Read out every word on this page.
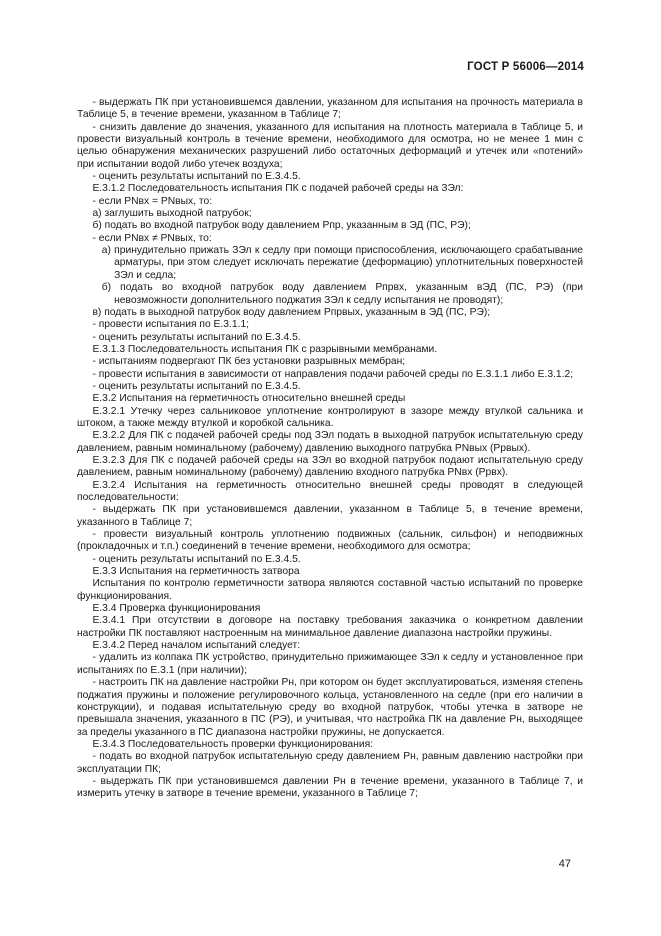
ГОСТ Р 56006—2014

- выдержать ПК при установившемся давлении, указанном для испытания на прочность материала в Таблице 5, в течение времени, указанном в Таблице 7;

- снизить давление до значения, указанного для испытания на плотность материала в Таблице 5, и провести визуальный контроль в течение времени, необходимого для осмотра, но не менее 1 мин с целью обнаружения механических разрушений либо остаточных деформаций и утечек или «потений» при испытании водой либо утечек воздуха;

- оценить результаты испытаний по Е.3.4.5.

Е.3.1.2 Последовательность испытания ПК с подачей рабочей среды на ЗЭл:

- если PNвх = PNвых, то:

а) заглушить выходной патрубок;

б) подать во входной патрубок воду давлением Pпр, указанным в ЭД (ПС, РЭ);

- если PNвх ≠ PNвых, то:

а) принудительно прижать ЗЭл к седлу при помощи приспособления, исключающего срабатывание арматуры, при этом следует исключать пережатие (деформацию) уплотнительных поверхностей ЗЭл и седла;

б) подать во входной патрубок воду давлением Pпрвх, указанным вЭД (ПС, РЭ) (при невозможности дополнительного поджатия ЗЭл к седлу испытания не проводят);

в) подать в выходной патрубок воду давлением Pпрвых, указанным в ЭД (ПС, РЭ);

- провести испытания по Е.3.1.1;

- оценить результаты испытаний по Е.3.4.5.

Е.3.1.3 Последовательность испытания ПК с разрывными мембранами.

- испытаниям подвергают ПК без установки разрывных мембран;

- провести испытания в зависимости от направления подачи рабочей среды по Е.3.1.1 либо Е.3.1.2;

- оценить результаты испытаний по Е.3.4.5.

Е.3.2 Испытания на герметичность относительно внешней среды

Е.3.2.1 Утечку через сальниковое уплотнение контролируют в зазоре между втулкой сальника и штоком, а также между втулкой и коробкой сальника.

Е.3.2.2 Для ПК с подачей рабочей среды под ЗЭл подать в выходной патрубок испытательную среду давлением, равным номинальному (рабочему) давлению выходного патрубка PNвых (Pрвых).

Е.3.2.3 Для ПК с подачей рабочей среды на ЗЭл во входной патрубок подают испытательную среду давлением, равным номинальному (рабочему) давлению входного патрубка PNвх (Pрвх).

Е.3.2.4 Испытания на герметичность относительно внешней среды проводят в следующей последовательности:

- выдержать ПК при установившемся давлении, указанном в Таблице 5, в течение времени, указанного в Таблице 7;

- провести визуальный контроль уплотнению подвижных (сальник, сильфон) и неподвижных (прокладочных и т.п.) соединений в течение времени, необходимого для осмотра;

- оценить результаты испытаний по Е.3.4.5.

Е.3.3 Испытания на герметичность затвора

Испытания по контролю герметичности затвора являются составной частью испытаний по проверке функционирования.

Е.3.4 Проверка функционирования

Е.3.4.1 При отсутствии в договоре на поставку требования заказчика о конкретном давлении настройки ПК поставляют настроенным на минимальное давление диапазона настройки пружины.

Е.3.4.2 Перед началом испытаний следует:

- удалить из колпака ПК устройство, принудительно прижимающее ЗЭл к седлу и установленное при испытаниях по Е.3.1 (при наличии);

- настроить ПК на давление настройки Pн, при котором он будет эксплуатироваться, изменяя степень поджатия пружины и положение регулировочного кольца, установленного на седле (при его наличии в конструкции), и подавая испытательную среду во входной патрубок, чтобы утечка в затворе не превышала значения, указанного в ПС (РЭ), и учитывая, что настройка ПК на давление Pн, выходящее за пределы указанного в ПС диапазона настройки пружины, не допускается.

Е.3.4.3 Последовательность проверки функционирования:

- подать во входной патрубок испытательную среду давлением Pн, равным давлению настройки при эксплуатации ПК;

- выдержать ПК при установившемся давлении Pн в течение времени, указанного в Таблице 7, и измерить утечку в затворе в течение времени, указанного в Таблице 7;

47
